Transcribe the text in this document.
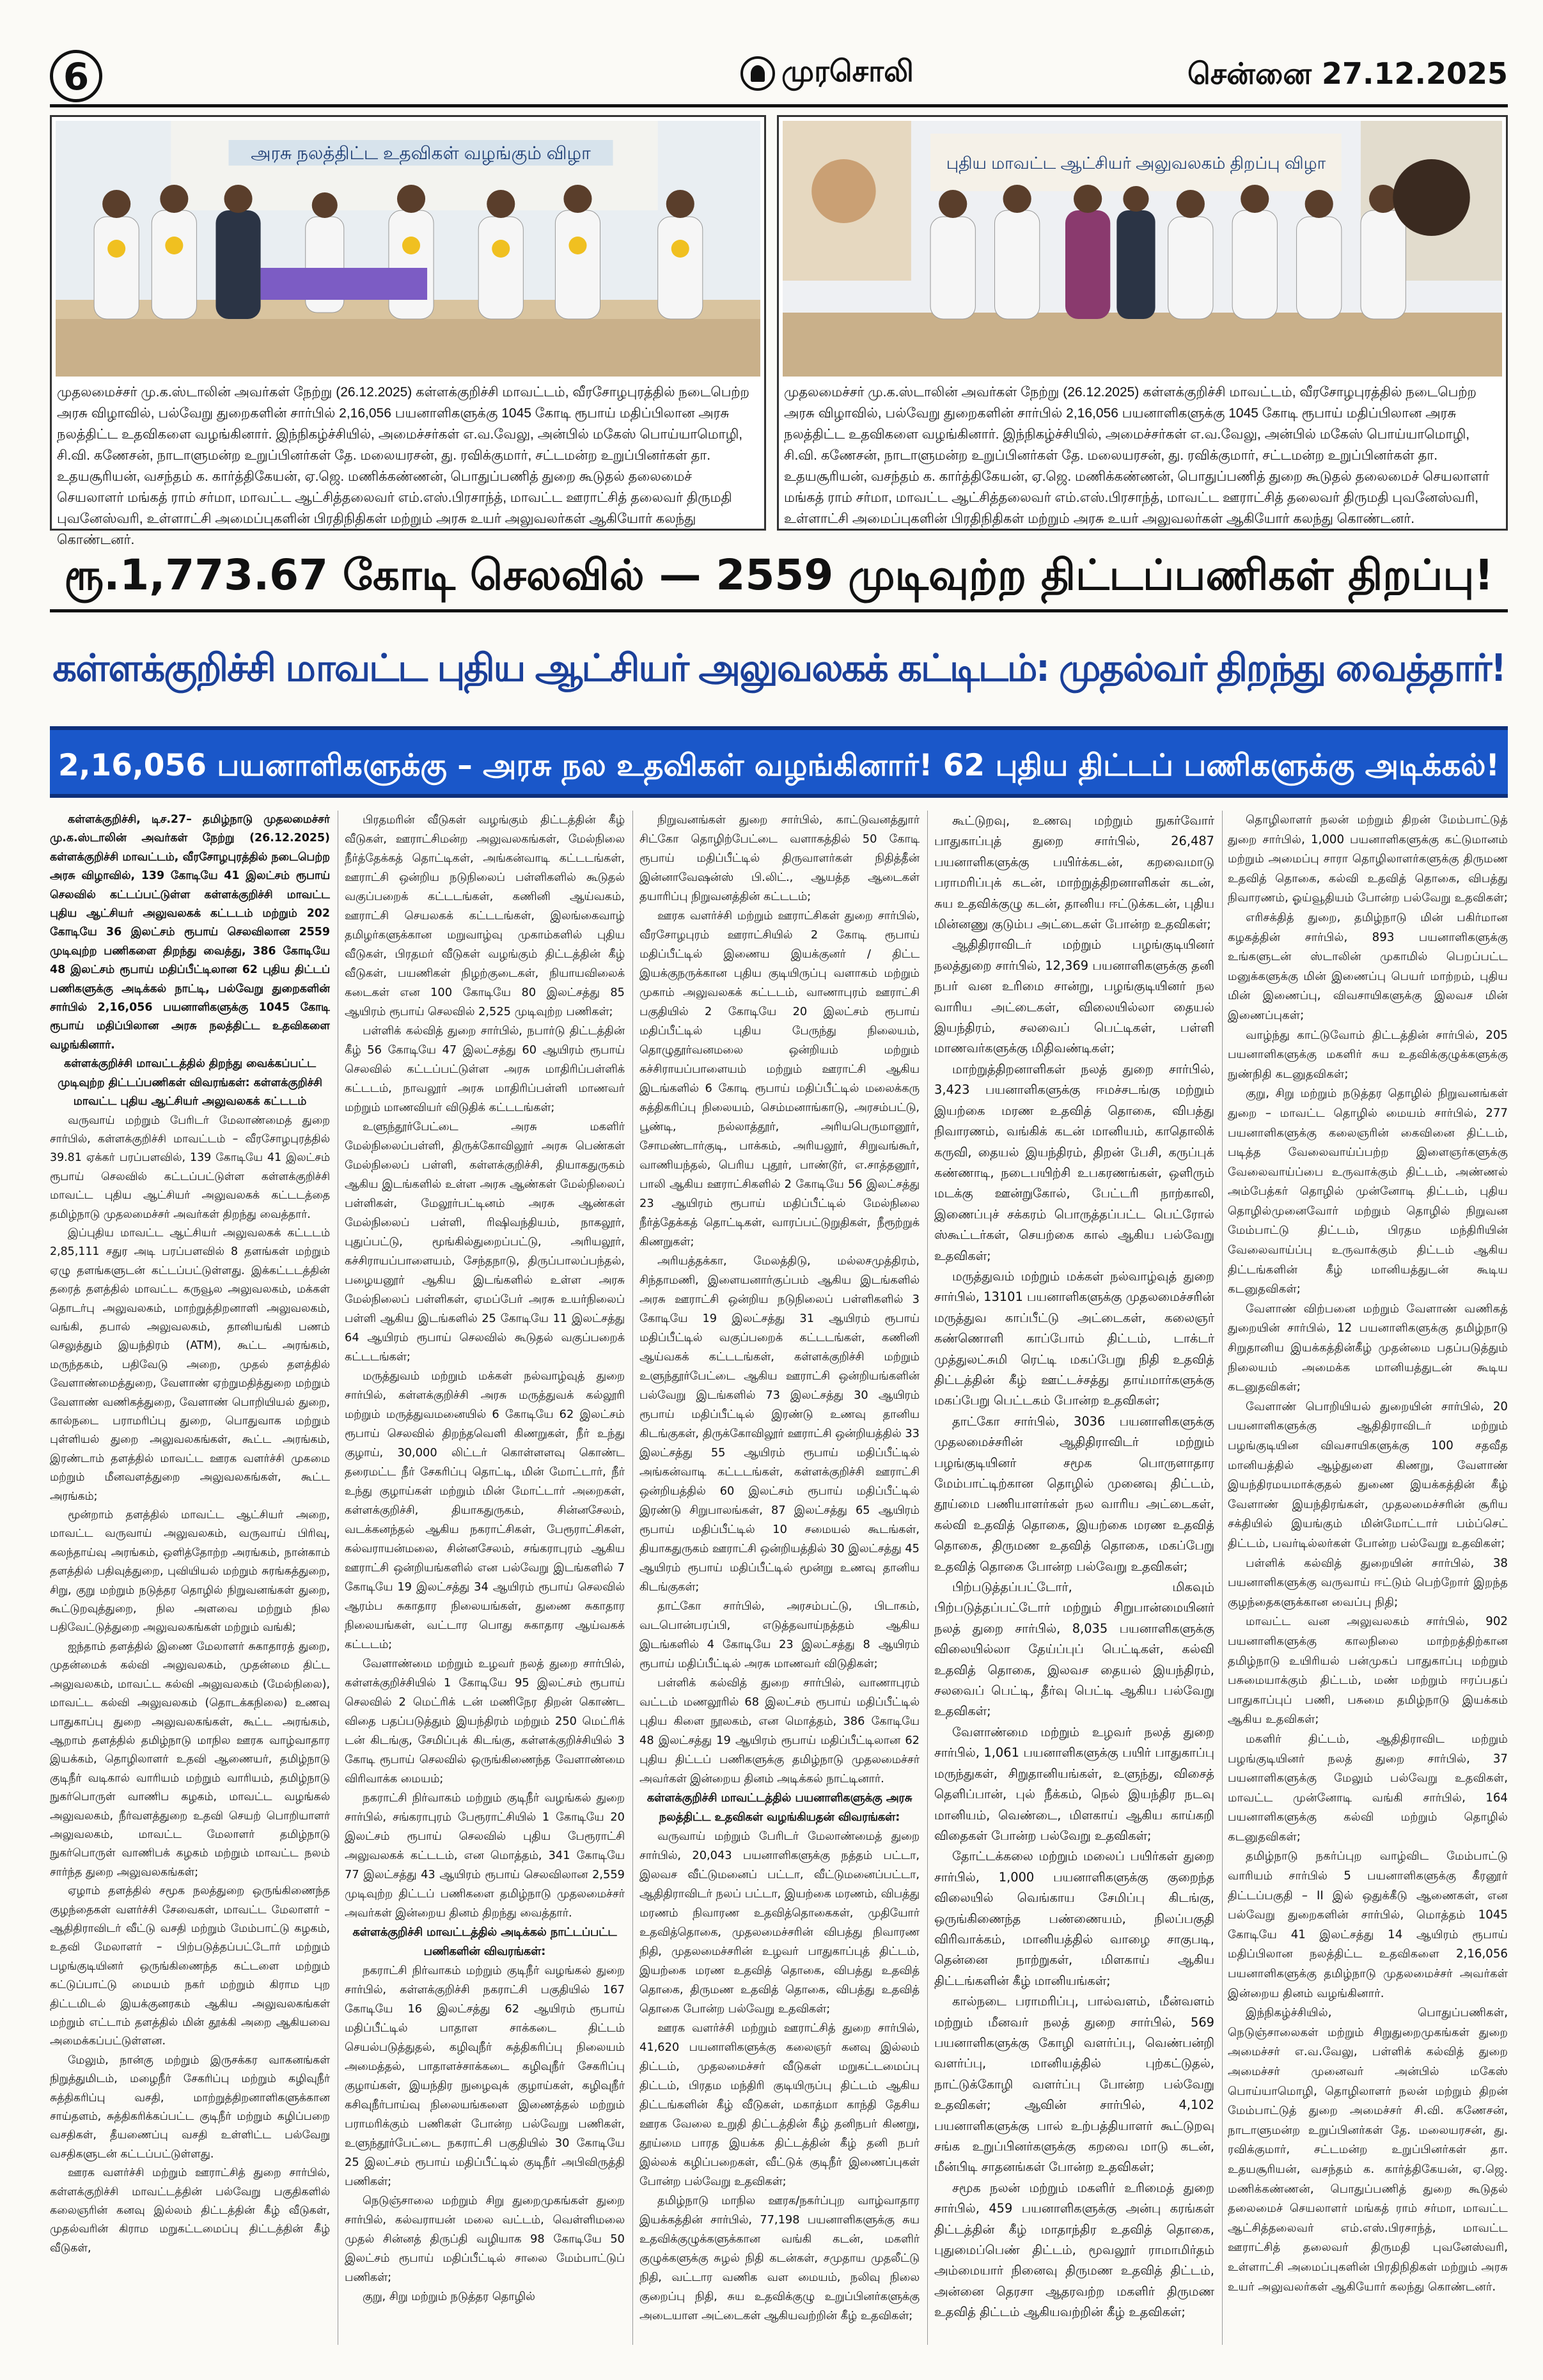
6	முரசொலி	சென்னை 27.12.2025
அரசு நலத்திட்ட உதவிகள் வழங்கும் விழா
முதலமைச்சர் மு.க.ஸ்டாலின் அவர்கள் நேற்று (26.12.2025) கள்ளக்குறிச்சி மாவட்டம், வீரசோழபுரத்தில் நடைபெற்ற அரசு விழாவில், பல்வேறு துறைகளின் சார்பில் 2,16,056 பயனாளிகளுக்கு 1045 கோடி ரூபாய் மதிப்பிலான அரசு நலத்திட்ட உதவிகளை வழங்கினார். இந்நிகழ்ச்சியில், அமைச்சர்கள் எ.வ.வேலு, அன்பில் மகேஸ் பொய்யாமொழி, சி.வி. கணேசன், நாடாளுமன்ற உறுப்பினர்கள் தே. மலையரசன், து. ரவிக்குமார், சட்டமன்ற உறுப்பினர்கள் தா. உதயசூரியன், வசந்தம் க. கார்த்திகேயன், ஏ.ஜெ. மணிக்கண்ணன், பொதுப்பணித் துறை கூடுதல் தலைமைச் செயலாளர் மங்கத் ராம் சர்மா, மாவட்ட ஆட்சித்தலைவர் எம்.எஸ்.பிரசாந்த், மாவட்ட ஊராட்சித் தலைவர் திருமதி புவனேஸ்வரி, உள்ளாட்சி அமைப்புகளின் பிரதிநிதிகள் மற்றும் அரசு உயர் அலுவலர்கள் ஆகியோர் கலந்து கொண்டனர்.
புதிய மாவட்ட ஆட்சியர் அலுவலகம் திறப்பு விழா
முதலமைச்சர் மு.க.ஸ்டாலின் அவர்கள் நேற்று (26.12.2025) கள்ளக்குறிச்சி மாவட்டம், வீரசோழபுரத்தில் நடைபெற்ற அரசு விழாவில், பல்வேறு துறைகளின் சார்பில் 2,16,056 பயனாளிகளுக்கு 1045 கோடி ரூபாய் மதிப்பிலான அரசு நலத்திட்ட உதவிகளை வழங்கினார். இந்நிகழ்ச்சியில், அமைச்சர்கள் எ.வ.வேலு, அன்பில் மகேஸ் பொய்யாமொழி, சி.வி. கணேசன், நாடாளுமன்ற உறுப்பினர்கள் தே. மலையரசன், து. ரவிக்குமார், சட்டமன்ற உறுப்பினர்கள் தா. உதயசூரியன், வசந்தம் க. கார்த்திகேயன், ஏ.ஜெ. மணிக்கண்ணன், பொதுப்பணித் துறை கூடுதல் தலைமைச் செயலாளர் மங்கத் ராம் சர்மா, மாவட்ட ஆட்சித்தலைவர் எம்.எஸ்.பிரசாந்த், மாவட்ட ஊராட்சித் தலைவர் திருமதி புவனேஸ்வரி, உள்ளாட்சி அமைப்புகளின் பிரதிநிதிகள் மற்றும் அரசு உயர் அலுவலர்கள் ஆகியோர் கலந்து கொண்டனர்.
ரூ.1,773.67 கோடி செலவில் — 2559 முடிவுற்ற திட்டப்பணிகள் திறப்பு!
கள்ளக்குறிச்சி மாவட்ட புதிய ஆட்சியர் அலுவலகக் கட்டிடம்: முதல்வர் திறந்து வைத்தார்!
2,16,056 பயனாளிகளுக்கு – அரசு நல உதவிகள் வழங்கினார்! 62 புதிய திட்டப் பணிகளுக்கு அடிக்கல்!

கள்ளக்குறிச்சி, டிச.27– தமிழ்நாடு முதலமைச்சர் மு.க.ஸ்டாலின் அவர்கள் நேற்று (26.12.2025) கள்ளக்குறிச்சி மாவட்டம், வீரசோழபுரத்தில் நடைபெற்ற அரசு விழாவில், 139 கோடியே 41 இலட்சம் ரூபாய் செலவில் கட்டப்பட்டுள்ள கள்ளக்குறிச்சி மாவட்ட புதிய ஆட்சியர் அலுவலகக் கட்டடம் மற்றும் 202 கோடியே 36 இலட்சம் ரூபாய் செலவிலான 2559 முடிவுற்ற பணிகளை திறந்து வைத்து, 386 கோடியே 48 இலட்சம் ரூபாய் மதிப்பீட்டிலான 62 புதிய திட்டப் பணிகளுக்கு அடிக்கல் நாட்டி, பல்வேறு துறைகளின் சார்பில் 2,16,056 பயனாளிகளுக்கு 1045 கோடி ரூபாய் மதிப்பிலான அரசு நலத்திட்ட உதவிகளை வழங்கினார்.

கள்ளக்குறிச்சி மாவட்டத்தில் திறந்து வைக்கப்பட்ட முடிவுற்ற திட்டப்பணிகள் விவரங்கள்: கள்ளக்குறிச்சி மாவட்ட புதிய ஆட்சியர் அலுவலகக் கட்டடம்

வருவாய் மற்றும் பேரிடர் மேலாண்மைத் துறை சார்பில், கள்ளக்குறிச்சி மாவட்டம் – வீரசோழபுரத்தில் 39.81 ஏக்கர் பரப்பளவில், 139 கோடியே 41 இலட்சம் ரூபாய் செலவில் கட்டப்பட்டுள்ள கள்ளக்குறிச்சி மாவட்ட புதிய ஆட்சியர் அலுவலகக் கட்டடத்தை தமிழ்நாடு முதலமைச்சர் அவர்கள் திறந்து வைத்தார்.

இப்புதிய மாவட்ட ஆட்சியர் அலுவலகக் கட்டடம் 2,85,111 சதுர அடி பரப்பளவில் 8 தளங்கள் மற்றும் ஏழு தளங்களுடன் கட்டப்பட்டுள்ளது. இக்கட்டடத்தின் தரைத் தளத்தில் மாவட்ட கருவூல அலுவலகம், மக்கள் தொடர்பு அலுவலகம், மாற்றுத்திறனாளி அலுவலகம், வங்கி, தபால் அலுவலகம், தானியங்கி பணம் செலுத்தும் இயந்திரம் (ATM), கூட்ட அரங்கம், மருந்தகம், பதிவேடு அறை, முதல் தளத்தில் வேளாண்மைத்துறை, வேளாண் ஏற்றுமதித்துறை மற்றும் வேளாண் வணிகத்துறை, வேளாண் பொறியியல் துறை, கால்நடை பராமரிப்பு துறை, பொதுவாக மற்றும் புள்ளியல் துறை அலுவலகங்கள், கூட்ட அரங்கம், இரண்டாம் தளத்தில் மாவட்ட ஊரக வளர்ச்சி முகமை மற்றும் மீனவளத்துறை அலுவலகங்கள், கூட்ட அரங்கம்;

மூன்றாம் தளத்தில் மாவட்ட ஆட்சியர் அறை, மாவட்ட வருவாய் அலுவலகம், வருவாய் பிரிவு, கலந்தாய்வு அரங்கம், ஒளித்தோற்ற அரங்கம், நான்காம் தளத்தில் பதிவுத்துறை, புவியியல் மற்றும் சுரங்கத்துறை, சிறு, குறு மற்றும் நடுத்தர தொழில் நிறுவனங்கள் துறை, கூட்டுறவுத்துறை, நில அளவை மற்றும் நில பதிவேட்டுத்துறை அலுவலகங்கள் மற்றும் வங்கி;

ஐந்தாம் தளத்தில் இணை மேலாளர் சுகாதாரத் துறை, முதன்மைக் கல்வி அலுவலகம், முதன்மை திட்ட அலுவலகம், மாவட்ட கல்வி அலுவலகம் (மேல்நிலை), மாவட்ட கல்வி அலுவலகம் (தொடக்கநிலை) உணவு பாதுகாப்பு துறை அலுவலகங்கள், கூட்ட அரங்கம், ஆறாம் தளத்தில் தமிழ்நாடு மாநில ஊரக வாழ்வாதார இயக்கம், தொழிலாளர் உதவி ஆணையர், தமிழ்நாடு குடிநீர் வடிகால் வாரியம் மற்றும் வாரியம், தமிழ்நாடு நுகர்பொருள் வாணிப கழகம், மாவட்ட வழங்கல் அலுவலகம், நீர்வளத்துறை உதவி செயற் பொறியாளர் அலுவலகம், மாவட்ட மேலாளர் தமிழ்நாடு நுகர்பொருள் வாணிபக் கழகம் மற்றும் மாவட்ட நலம் சார்ந்த துறை அலுவலகங்கள்;

ஏழாம் தளத்தில் சமூக நலத்துறை ஒருங்கிணைந்த குழந்தைகள் வளர்ச்சி சேவைகள், மாவட்ட மேலாளர் – ஆதிதிராவிடர் வீட்டு வசதி மற்றும் மேம்பாட்டு கழகம், உதவி மேலாளர் – பிற்படுத்தப்பட்டோர் மற்றும் பழங்குடியினர் ஒருங்கிணைந்த கட்டளை மற்றும் கட்டுப்பாட்டு மையம் நகர் மற்றும் கிராம புற திட்டமிடல் இயக்குனரகம் ஆகிய அலுவலகங்கள் மற்றும் எட்டாம் தளத்தில் மின் தூக்கி அறை ஆகியவை அமைக்கப்பட்டுள்ளன.

மேலும், நான்கு மற்றும் இருசக்கர வாகனங்கள் நிறுத்துமிடம், மழைநீர் சேகரிப்பு மற்றும் கழிவுநீர் சுத்திகரிப்பு வசதி, மாற்றுத்திறனாளிகளுக்கான சாய்தளம், சுத்திகரிக்கப்பட்ட குடிநீர் மற்றும் கழிப்பறை வசதிகள், தீயணைப்பு வசதி உள்ளிட்ட பல்வேறு வசதிகளுடன் கட்டப்பட்டுள்ளது.

ஊரக வளர்ச்சி மற்றும் ஊராட்சித் துறை சார்பில், கள்ளக்குறிச்சி மாவட்டத்தின் பல்வேறு பகுதிகளில் கலைஞரின் கனவு இல்லம் திட்டத்தின் கீழ் வீடுகள், முதல்வரின் கிராம மறுகட்டமைப்பு திட்டத்தின் கீழ் வீடுகள்,

பிரதமரின் வீடுகள் வழங்கும் திட்டத்தின் கீழ் வீடுகள், ஊராட்சிமன்ற அலுவலகங்கள், மேல்நிலை நீர்த்தேக்கத் தொட்டிகள், அங்கன்வாடி கட்டடங்கள், ஊராட்சி ஒன்றிய நடுநிலைப் பள்ளிகளில் கூடுதல் வகுப்பறைக் கட்டடங்கள், கணினி ஆய்வகம், ஊராட்சி செயலகக் கட்டடங்கள், இலங்கைவாழ் தமிழர்களுக்கான மறுவாழ்வு முகாம்களில் புதிய வீடுகள், பிரதமர் வீடுகள் வழங்கும் திட்டத்தின் கீழ் வீடுகள், பயணிகள் நிழற்குடைகள், நியாயவிலைக் கடைகள் என 100 கோடியே 80 இலட்சத்து 85 ஆயிரம் ரூபாய் செலவில் 2,525 முடிவுற்ற பணிகள்;

பள்ளிக் கல்வித் துறை சார்பில், நபார்டு திட்டத்தின் கீழ் 56 கோடியே 47 இலட்சத்து 60 ஆயிரம் ரூபாய் செலவில் கட்டப்பட்டுள்ள அரசு மாதிரிப்பள்ளிக் கட்டடம், நாவலூர் அரசு மாதிரிப்பள்ளி மாணவர் மற்றும் மாணவியர் விடுதிக் கட்டடங்கள்;

உளுந்தூர்பேட்டை அரசு மகளிர் மேல்நிலைப்பள்ளி, திருக்கோவிலூர் அரசு பெண்கள் மேல்நிலைப் பள்ளி, கள்ளக்குறிச்சி, தியாகதுருகம் ஆகிய இடங்களில் உள்ள அரசு ஆண்கள் மேல்நிலைப் பள்ளிகள், மேலூர்பட்டினம் அரசு ஆண்கள் மேல்நிலைப் பள்ளி, ரிஷிவந்தியம், நாகலூர், புதுப்பட்டு, மூங்கில்துறைப்பட்டு, அரியலூர், கச்சிராயப்பாளையம், சேந்தநாடு, திருப்பாலப்பந்தல், பழையனூர் ஆகிய இடங்களில் உள்ள அரசு மேல்நிலைப் பள்ளிகள், ஏமப்பேர் அரசு உயர்நிலைப் பள்ளி ஆகிய இடங்களில் 25 கோடியே 11 இலட்சத்து 64 ஆயிரம் ரூபாய் செலவில் கூடுதல் வகுப்பறைக் கட்டடங்கள்;

மருத்துவம் மற்றும் மக்கள் நல்வாழ்வுத் துறை சார்பில், கள்ளக்குறிச்சி அரசு மருத்துவக் கல்லூரி மற்றும் மருத்துவமனையில் 6 கோடியே 62 இலட்சம் ரூபாய் செலவில் திறந்தவெளி கிணறுகள், நீர் உந்து குழாய், 30,000 லிட்டர் கொள்ளளவு கொண்ட தரைமட்ட நீர் சேகரிப்பு தொட்டி, மின் மோட்டார், நீர் உந்து குழாய்கள் மற்றும் மின் மோட்டார் அறைகள், கள்ளக்குறிச்சி, தியாகதுருகம், சின்னசேலம், வடக்கனந்தல் ஆகிய நகராட்சிகள், பேரூராட்சிகள், கல்வராயன்மலை, சின்னசேலம், சங்கராபுரம் ஆகிய ஊராட்சி ஒன்றியங்களில் என பல்வேறு இடங்களில் 7 கோடியே 19 இலட்சத்து 34 ஆயிரம் ரூபாய் செலவில் ஆரம்ப சுகாதார நிலையங்கள், துணை சுகாதார நிலையங்கள், வட்டார பொது சுகாதார ஆய்வகக் கட்டடம்;

வேளாண்மை மற்றும் உழவர் நலத் துறை சார்பில், கள்ளக்குறிச்சியில் 1 கோடியே 95 இலட்சம் ரூபாய் செலவில் 2 மெட்ரிக் டன் மணிநேர திறன் கொண்ட விதை பதப்படுத்தும் இயந்திரம் மற்றும் 250 மெட்ரிக் டன் கிடங்கு, சேமிப்புக் கிடங்கு, கள்ளக்குறிச்சியில் 3 கோடி ரூபாய் செலவில் ஒருங்கிணைந்த வேளாண்மை விரிவாக்க மையம்;

நகராட்சி நிர்வாகம் மற்றும் குடிநீர் வழங்கல் துறை சார்பில், சங்கராபுரம் பேரூராட்சியில் 1 கோடியே 20 இலட்சம் ரூபாய் செலவில் புதிய பேரூராட்சி அலுவலகக் கட்டடம், என மொத்தம், 341 கோடியே 77 இலட்சத்து 43 ஆயிரம் ரூபாய் செலவிலான 2,559 முடிவுற்ற திட்டப் பணிகளை தமிழ்நாடு முதலமைச்சர் அவர்கள் இன்றைய தினம் திறந்து வைத்தார்.

கள்ளக்குறிச்சி மாவட்டத்தில் அடிக்கல் நாட்டப்பட்ட பணிகளின் விவரங்கள்:

நகராட்சி நிர்வாகம் மற்றும் குடிநீர் வழங்கல் துறை சார்பில், கள்ளக்குறிச்சி நகராட்சி பகுதியில் 167 கோடியே 16 இலட்சத்து 62 ஆயிரம் ரூபாய் மதிப்பீட்டில் பாதாள சாக்கடை திட்டம் செயல்படுத்துதல், கழிவுநீர் சுத்திகரிப்பு நிலையம் அமைத்தல், பாதாளச்சாக்கடை கழிவுநீர் சேகரிப்பு குழாய்கள், இயந்திர நுழைவுக் குழாய்கள், கழிவுநீர் கசிவுநீர்பாய்வு நிலையங்களை இணைத்தல் மற்றும் பராமரிக்கும் பணிகள் போன்ற பல்வேறு பணிகள், உளுந்தூர்பேட்டை நகராட்சி பகுதியில் 30 கோடியே 25 இலட்சம் ரூபாய் மதிப்பீட்டில் குடிநீர் அபிவிருத்தி பணிகள்;

நெடுஞ்சாலை மற்றும் சிறு துறைமுகங்கள் துறை சார்பில், கல்வராயன் மலை வட்டம், வெள்ளிமலை முதல் சின்னத் திருப்தி வழியாக 98 கோடியே 50 இலட்சம் ரூபாய் மதிப்பீட்டில் சாலை மேம்பாட்டுப் பணிகள்;

குறு, சிறு மற்றும் நடுத்தர தொழில்

நிறுவனங்கள் துறை சார்பில், காட்டுவனத்துார் சிட்கோ தொழிற்பேட்டை வளாகத்தில் 50 கோடி ரூபாய் மதிப்பீட்டில் திருவாளர்கள் நிதித்தீன் இன்னாவேஷன்ஸ் பி.லிட்., ஆயத்த ஆடைகள் தயாரிப்பு நிறுவனத்தின் கட்டடம்;

ஊரக வளர்ச்சி மற்றும் ஊராட்சிகள் துறை சார்பில், வீரசோழபுரம் ஊராட்சியில் 2 கோடி ரூபாய் மதிப்பீட்டில் இணைய இயக்குனர் / திட்ட இயக்குநருக்கான புதிய குடியிருப்பு வளாகம் மற்றும் முகாம் அலுவலகக் கட்டடம், வாணாபுரம் ஊராட்சி பகுதியில் 2 கோடியே 20 இலட்சம் ரூபாய் மதிப்பீட்டில் புதிய பேருந்து நிலையம், தொழுதூர்வனமலை ஒன்றியம் மற்றும் கச்சிராயப்பாளையம் மற்றும் ஊராட்சி ஆகிய இடங்களில் 6 கோடி ரூபாய் மதிப்பீட்டில் மலைக்கரு சுத்திகரிப்பு நிலையம், செம்மனாங்காடு, அரசம்பட்டு, பூண்டி, நல்லாத்தூர், அரியபெருமானூர், சோமண்டார்குடி, பாக்கம், அரியலூர், சிறுவங்கூர், வாணியந்தல், பெரிய புதூர், பாண்டூர், எ.சாத்தனூர், பாலி ஆகிய ஊராட்சிகளில் 2 கோடியே 56 இலட்சத்து 23 ஆயிரம் ரூபாய் மதிப்பீட்டில் மேல்நிலை நீர்த்தேக்கத் தொட்டிகள், வாரப்பட்டுறுதிகள், நீரூற்றுக் கிணறுகள்;

அரியத்தக்கா, மேலத்திடு, மல்லசமுத்திரம், சிந்தாமணி, இளையனார்குப்பம் ஆகிய இடங்களில் அரசு ஊராட்சி ஒன்றிய நடுநிலைப் பள்ளிகளில் 3 கோடியே 19 இலட்சத்து 31 ஆயிரம் ரூபாய் மதிப்பீட்டில் வகுப்பறைக் கட்டடங்கள், கணினி ஆய்வகக் கட்டடங்கள், கள்ளக்குறிச்சி மற்றும் உளுந்தூர்பேட்டை ஆகிய ஊராட்சி ஒன்றியங்களின் பல்வேறு இடங்களில் 73 இலட்சத்து 30 ஆயிரம் ரூபாய் மதிப்பீட்டில் இரண்டு உணவு தானிய கிடங்குகள், திருக்கோவிலூர் ஊராட்சி ஒன்றியத்தில் 33 இலட்சத்து 55 ஆயிரம் ரூபாய் மதிப்பீட்டில் அங்கன்வாடி கட்டடங்கள், கள்ளக்குறிச்சி ஊராட்சி ஒன்றியத்தில் 60 இலட்சம் ரூபாய் மதிப்பீட்டில் இரண்டு சிறுபாலங்கள், 87 இலட்சத்து 65 ஆயிரம் ரூபாய் மதிப்பீட்டில் 10 சமையல் கூடங்கள், தியாகதுருகம் ஊராட்சி ஒன்றியத்தில் 30 இலட்சத்து 45 ஆயிரம் ரூபாய் மதிப்பீட்டில் மூன்று உணவு தானிய கிடங்குகள்;

தாட்கோ சார்பில், அரசம்பட்டு, பிடாகம், வடபொன்பரப்பி, எடுத்தவாய்நத்தம் ஆகிய இடங்களில் 4 கோடியே 23 இலட்சத்து 8 ஆயிரம் ரூபாய் மதிப்பீட்டில் அரசு மாணவர் விடுதிகள்;

பள்ளிக் கல்வித் துறை சார்பில், வாணாபுரம் வட்டம் மணலூரில் 68 இலட்சம் ரூபாய் மதிப்பீட்டில் புதிய கிளை நூலகம், என மொத்தம், 386 கோடியே 48 இலட்சத்து 19 ஆயிரம் ரூபாய் மதிப்பீட்டிலான 62 புதிய திட்டப் பணிகளுக்கு தமிழ்நாடு முதலமைச்சர் அவர்கள் இன்றைய தினம் அடிக்கல் நாட்டினார்.

கள்ளக்குறிச்சி மாவட்டத்தில் பயனாளிகளுக்கு அரசு நலத்திட்ட உதவிகள் வழங்கியதன் விவரங்கள்:

வருவாய் மற்றும் பேரிடர் மேலாண்மைத் துறை சார்பில், 20,043 பயனாளிகளுக்கு நத்தம் பட்டா, இலவச வீட்டுமனைப் பட்டா, வீட்டுமனைப்பட்டா, ஆதிதிராவிடர் நலப் பட்டா, இயற்கை மரணம், விபத்து மரணம் நிவாரண உதவித்தொகைகள், முதியோர் உதவித்தொகை, முதலமைச்சரின் விபத்து நிவாரண நிதி, முதலமைச்சரின் உழவர் பாதுகாப்புத் திட்டம், இயற்கை மரண உதவித் தொகை, விபத்து உதவித் தொகை, திருமண உதவித் தொகை, விபத்து உதவித் தொகை போன்ற பல்வேறு உதவிகள்;

ஊரக வளர்ச்சி மற்றும் ஊராட்சித் துறை சார்பில், 41,620 பயனாளிகளுக்கு கலைஞர் கனவு இல்லம் திட்டம், முதலமைச்சர் வீடுகள் மறுகட்டமைப்பு திட்டம், பிரதம மந்திரி குடியிருப்பு திட்டம் ஆகிய திட்டங்களின் கீழ் வீடுகள், மகாத்மா காந்தி தேசிய ஊரக வேலை உறுதி திட்டத்தின் கீழ் தனிநபர் கிணறு, தூய்மை பாரத இயக்க திட்டத்தின் கீழ் தனி நபர் இல்லக் கழிப்பறைகள், வீட்டுக் குடிநீர் இணைப்புகள் போன்ற பல்வேறு உதவிகள்;

தமிழ்நாடு மாநில ஊரக/நகர்ப்புற வாழ்வாதார இயக்கத்தின் சார்பில், 77,198 பயனாளிகளுக்கு சுய உதவிக்குழுக்களுக்கான வங்கி கடன், மகளிர் குழுக்களுக்கு சுழல் நிதி கடன்கள், சமுதாய முதலீட்டு நிதி, வட்டார வணிக வள மையம், நலிவு நிலை குறைப்பு நிதி, சுய உதவிக்குழு உறுப்பினர்களுக்கு அடையாள அட்டைகள் ஆகியவற்றின் கீழ் உதவிகள்;

கூட்டுறவு, உணவு மற்றும் நுகர்வோர் பாதுகாப்புத் துறை சார்பில், 26,487 பயனாளிகளுக்கு பயிர்க்கடன், கறவைமாடு பராமரிப்புக் கடன், மாற்றுத்திறனாளிகள் கடன், சுய உதவிக்குழு கடன், தானிய ஈட்டுக்கடன், புதிய மின்னணு குடும்ப அட்டைகள் போன்ற உதவிகள்;

ஆதிதிராவிடர் மற்றும் பழங்குடியினர் நலத்துறை சார்பில், 12,369 பயனாளிகளுக்கு தனி நபர் வன உரிமை சான்று, பழங்குடியினர் நல வாரிய அட்டைகள், விலையில்லா தையல் இயந்திரம், சலவைப் பெட்டிகள், பள்ளி மாணவர்களுக்கு மிதிவண்டிகள்;

மாற்றுத்திறனாளிகள் நலத் துறை சார்பில், 3,423 பயனாளிகளுக்கு ஈமச்சடங்கு மற்றும் இயற்கை மரண உதவித் தொகை, விபத்து நிவாரணம், வங்கிக் கடன் மானியம், காதொலிக் கருவி, தையல் இயந்திரம், திறன் பேசி, கருப்புக் கண்ணாடி, நடைபயிற்சி உபகரணங்கள், ஒளிரும் மடக்கு ஊன்றுகோல், பேட்டரி நாற்காலி, இணைப்புச் சக்கரம் பொருத்தப்பட்ட பெட்ரோல் ஸ்கூட்டர்கள், செயற்கை கால் ஆகிய பல்வேறு உதவிகள்;

மருத்துவம் மற்றும் மக்கள் நல்வாழ்வுத் துறை சார்பில், 13101 பயனாளிகளுக்கு முதலமைச்சரின் மருத்துவ காப்பீட்டு அட்டைகள், கலைஞர் கண்ணொளி காப்போம் திட்டம், டாக்டர் முத்துலட்சுமி ரெட்டி மகப்பேறு நிதி உதவித் திட்டத்தின் கீழ் ஊட்டச்சத்து தாய்மார்களுக்கு மகப்பேறு பெட்டகம் போன்ற உதவிகள்;

தாட்கோ சார்பில், 3036 பயனாளிகளுக்கு முதலமைச்சரின் ஆதிதிராவிடர் மற்றும் பழங்குடியினர் சமூக பொருளாதார மேம்பாட்டிற்கான தொழில் முனைவு திட்டம், தூய்மை பணியாளர்கள் நல வாரிய அட்டைகள், கல்வி உதவித் தொகை, இயற்கை மரண உதவித் தொகை, திருமண உதவித் தொகை, மகப்பேறு உதவித் தொகை போன்ற பல்வேறு உதவிகள்;

பிற்படுத்தப்பட்டோர், மிகவும் பிற்படுத்தப்பட்டோர் மற்றும் சிறுபான்மையினர் நலத் துறை சார்பில், 8,035 பயனாளிகளுக்கு விலையில்லா தேய்ப்புப் பெட்டிகள், கல்வி உதவித் தொகை, இலவச தையல் இயந்திரம், சலவைப் பெட்டி, தீர்வு பெட்டி ஆகிய பல்வேறு உதவிகள்;

வேளாண்மை மற்றும் உழவர் நலத் துறை சார்பில், 1,061 பயனாளிகளுக்கு பயிர் பாதுகாப்பு மருந்துகள், சிறுதானியங்கள், உளுந்து, விசைத் தெளிப்பான், புல் நீக்கம், நெல் இயந்திர நடவு மானியம், வெண்டை, மிளகாய் ஆகிய காய்கறி விதைகள் போன்ற பல்வேறு உதவிகள்;

தோட்டக்கலை மற்றும் மலைப் பயிர்கள் துறை சார்பில், 1,000 பயனாளிகளுக்கு குறைந்த விலையில் வெங்காய சேமிப்பு கிடங்கு, ஒருங்கிணைந்த பண்ணையம், நிலப்பகுதி விரிவாக்கம், மானியத்தில் வாழை சாகுபடி, தென்னை நாற்றுகள், மிளகாய் ஆகிய திட்டங்களின் கீழ் மானியங்கள்;

கால்நடை பராமரிப்பு, பால்வளம், மீன்வளம் மற்றும் மீனவர் நலத் துறை சார்பில், 569 பயனாளிகளுக்கு கோழி வளர்ப்பு, வெண்பன்றி வளர்ப்பு, மானியத்தில் புற்கட்டுதல், நாட்டுக்கோழி வளர்ப்பு போன்ற பல்வேறு உதவிகள்; ஆவின் சார்பில், 4,102 பயனாளிகளுக்கு பால் உற்பத்தியாளர் கூட்டுறவு சங்க உறுப்பினர்களுக்கு கறவை மாடு கடன், மீன்பிடி சாதனங்கள் போன்ற உதவிகள்;

சமூக நலன் மற்றும் மகளிர் உரிமைத் துறை சார்பில், 459 பயனாளிகளுக்கு அன்பு கரங்கள் திட்டத்தின் கீழ் மாதாந்திர உதவித் தொகை, புதுமைப்பெண் திட்டம், மூவலூர் ராமாமிர்தம் அம்மையார் நினைவு திருமண உதவித் திட்டம், அன்னை தெரசா ஆதரவற்ற மகளிர் திருமண உதவித் திட்டம் ஆகியவற்றின் கீழ் உதவிகள்;

தொழிலாளர் நலன் மற்றும் திறன் மேம்பாட்டுத் துறை சார்பில், 1,000 பயனாளிகளுக்கு கட்டுமானம் மற்றும் அமைப்பு சாரா தொழிலாளர்களுக்கு திருமண உதவித் தொகை, கல்வி உதவித் தொகை, விபத்து நிவாரணம், ஓய்வூதியம் போன்ற பல்வேறு உதவிகள்;

எரிசக்தித் துறை, தமிழ்நாடு மின் பகிர்மான கழகத்தின் சார்பில், 893 பயனாளிகளுக்கு உங்களுடன் ஸ்டாலின் முகாமில் பெறப்பட்ட மனுக்களுக்கு மின் இணைப்பு பெயர் மாற்றம், புதிய மின் இணைப்பு, விவசாயிகளுக்கு இலவச மின் இணைப்புகள்;

வாழ்ந்து காட்டுவோம் திட்டத்தின் சார்பில், 205 பயனாளிகளுக்கு மகளிர் சுய உதவிக்குழுக்களுக்கு நுண்நிதி கடனுதவிகள்;

குறு, சிறு மற்றும் நடுத்தர தொழில் நிறுவனங்கள் துறை – மாவட்ட தொழில் மையம் சார்பில், 277 பயனாளிகளுக்கு கலைஞரின் கைவினை திட்டம், படித்த வேலைவாய்ப்பற்ற இளைஞர்களுக்கு வேலைவாய்ப்பை உருவாக்கும் திட்டம், அண்ணல் அம்பேத்கர் தொழில் முன்னோடி திட்டம், புதிய தொழில்முனைவோர் மற்றும் தொழில் நிறுவன மேம்பாட்டு திட்டம், பிரதம மந்திரியின் வேலைவாய்ப்பு உருவாக்கும் திட்டம் ஆகிய திட்டங்களின் கீழ் மானியத்துடன் கூடிய கடனுதவிகள்;

வேளாண் விற்பனை மற்றும் வேளாண் வணிகத் துறையின் சார்பில், 12 பயனாளிகளுக்கு தமிழ்நாடு சிறுதானிய இயக்கத்தின்கீழ் முதன்மை பதப்படுத்தும் நிலையம் அமைக்க மானியத்துடன் கூடிய கடனுதவிகள்;

வேளாண் பொறியியல் துறையின் சார்பில், 20 பயனாளிகளுக்கு ஆதிதிராவிடர் மற்றும் பழங்குடியின விவசாயிகளுக்கு 100 சதவீத மானியத்தில் ஆழ்துளை கிணறு, வேளாண் இயந்திரமயமாக்குதல் துணை இயக்கத்தின் கீழ் வேளாண் இயந்திரங்கள், முதலமைச்சரின் சூரிய சக்தியில் இயங்கும் மின்மோட்டார் பம்ப்செட் திட்டம், பவர்டில்லர்கள் போன்ற பல்வேறு உதவிகள்;

பள்ளிக் கல்வித் துறையின் சார்பில், 38 பயனாளிகளுக்கு வருவாய் ஈட்டும் பெற்றோர் இறந்த குழந்தைகளுக்கான வைப்பு நிதி;

மாவட்ட வன அலுவலகம் சார்பில், 902 பயனாளிகளுக்கு காலநிலை மாற்றத்திற்கான தமிழ்நாடு உயிரியல் பன்முகப் பாதுகாப்பு மற்றும் பசுமையாக்கும் திட்டம், மண் மற்றும் ஈரப்பதப் பாதுகாப்புப் பணி, பசுமை தமிழ்நாடு இயக்கம் ஆகிய உதவிகள்;

மகளிர் திட்டம், ஆதிதிராவிட மற்றும் பழங்குடியினர் நலத் துறை சார்பில், 37 பயனாளிகளுக்கு மேலும் பல்வேறு உதவிகள், மாவட்ட முன்னோடி வங்கி சார்பில், 164 பயனாளிகளுக்கு கல்வி மற்றும் தொழில் கடனுதவிகள்;

தமிழ்நாடு நகர்ப்புற வாழ்விட மேம்பாட்டு வாரியம் சார்பில் 5 பயனாளிகளுக்கு கீரனூர் திட்டப்பகுதி – II இல் ஒதுக்கீடு ஆணைகள், என பல்வேறு துறைகளின் சார்பில், மொத்தம் 1045 கோடியே 41 இலட்சத்து 14 ஆயிரம் ரூபாய் மதிப்பிலான நலத்திட்ட உதவிகளை 2,16,056 பயனாளிகளுக்கு தமிழ்நாடு முதலமைச்சர் அவர்கள் இன்றைய தினம் வழங்கினார்.

இந்நிகழ்ச்சியில், பொதுப்பணிகள், நெடுஞ்சாலைகள் மற்றும் சிறுதுறைமுகங்கள் துறை அமைச்சர் எ.வ.வேலு, பள்ளிக் கல்வித் துறை அமைச்சர் முனைவர் அன்பில் மகேஸ் பொய்யாமொழி, தொழிலாளர் நலன் மற்றும் திறன் மேம்பாட்டுத் துறை அமைச்சர் சி.வி. கணேசன், நாடாளுமன்ற உறுப்பினர்கள் தே. மலையரசன், து. ரவிக்குமார், சட்டமன்ற உறுப்பினர்கள் தா. உதயசூரியன், வசந்தம் க. கார்த்திகேயன், ஏ.ஜெ. மணிக்கண்ணன், பொதுப்பணித் துறை கூடுதல் தலைமைச் செயலாளர் மங்கத் ராம் சர்மா, மாவட்ட ஆட்சித்தலைவர் எம்.எஸ்.பிரசாந்த், மாவட்ட ஊராட்சித் தலைவர் திருமதி புவனேஸ்வரி, உள்ளாட்சி அமைப்புகளின் பிரதிநிதிகள் மற்றும் அரசு உயர் அலுவலர்கள் ஆகியோர் கலந்து கொண்டனர்.
